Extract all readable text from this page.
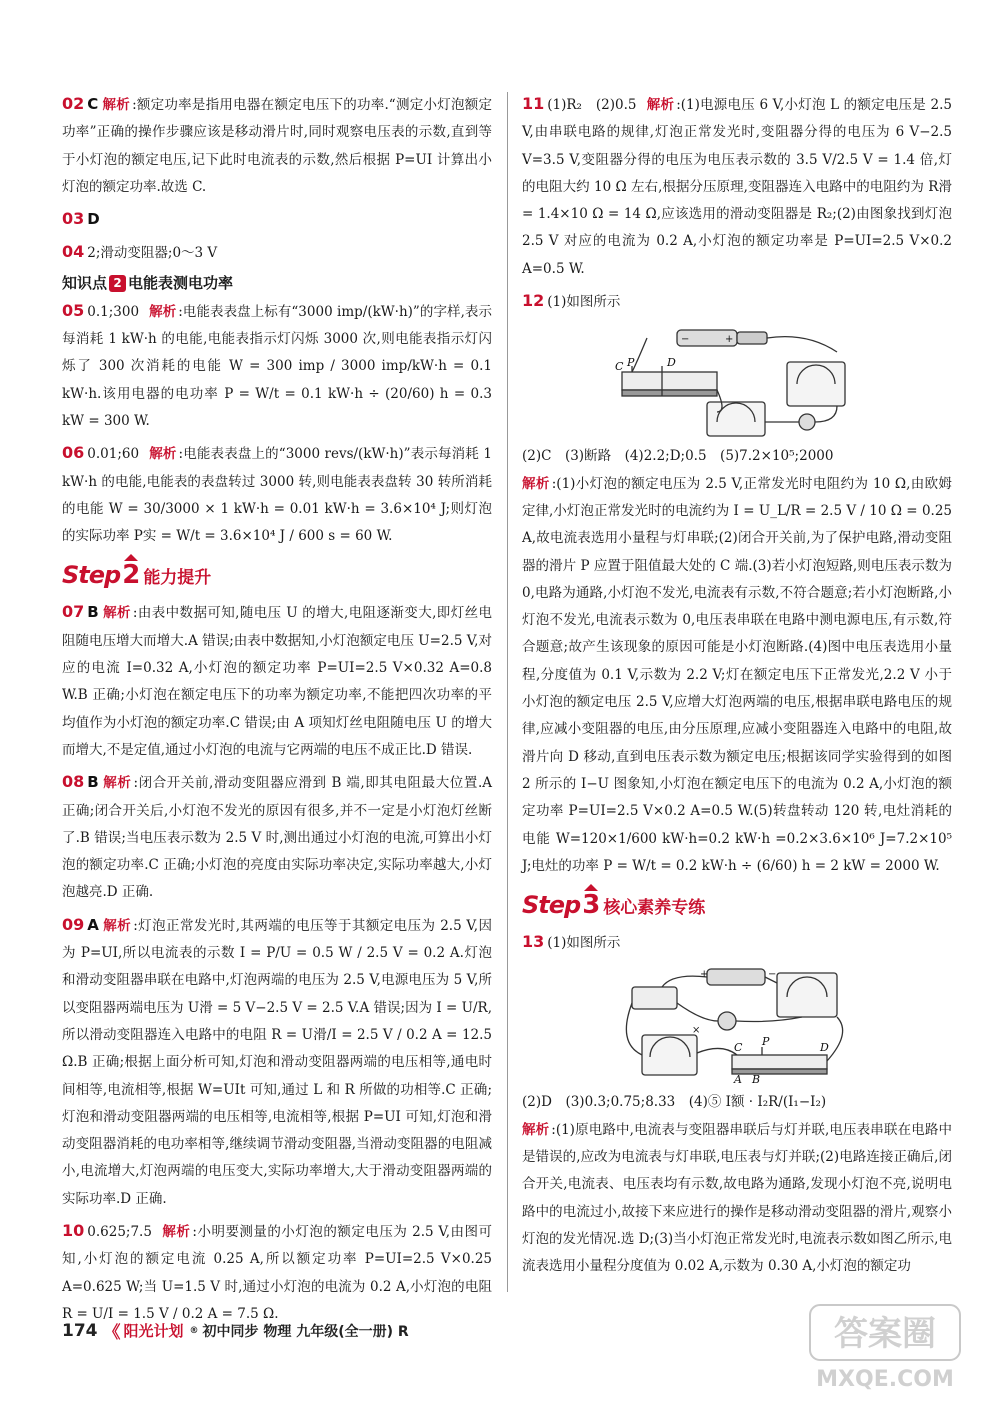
02 C 解析 :额定功率是指用电器在额定电压下的功率.“测定小灯泡额定功率”正确的操作步骤应该是移动滑片时,同时观察电压表的示数,直到等于小灯泡的额定电压,记下此时电流表的示数,然后根据 P=UI 计算出小灯泡的额定功率.故选 C.
03 D
04 2;滑动变阻器;0～3 V
知识点 2 电能表测电功率
05 0.1;300 解析 :电能表表盘上标有“3000 imp/(kW·h)”的字样,表示每消耗 1 kW·h 的电能,电能表指示灯闪烁 3000 次,则电能表指示灯闪烁了 300 次消耗的电能 W = 300 imp / 3000 imp/kW·h = 0.1 kW·h.该用电器的电功率 P = W/t = 0.1 kW·h ÷ (20/60) h = 0.3 kW = 300 W.
06 0.01;60 解析 :电能表表盘上的“3000 revs/(kW·h)”表示每消耗 1 kW·h 的电能,电能表的表盘转过 3000 转,则电能表表盘转 30 转所消耗的电能 W = 30/3000 × 1 kW·h = 0.01 kW·h = 3.6×10⁴ J;则灯泡的实际功率 P实 = W/t = 3.6×10⁴ J / 600 s = 60 W.
Step 2 能力提升
07 B 解析 :由表中数据可知,随电压 U 的增大,电阻逐渐变大,即灯丝电阻随电压增大而增大.A 错误;由表中数据知,小灯泡额定电压 U=2.5 V,对应的电流 I=0.32 A,小灯泡的额定功率 P=UI=2.5 V×0.32 A=0.8 W.B 正确;小灯泡在额定电压下的功率为额定功率,不能把四次功率的平均值作为小灯泡的额定功率.C 错误;由 A 项知灯丝电阻随电压 U 的增大而增大,不是定值,通过小灯泡的电流与它两端的电压不成正比.D 错误.
08 B 解析 :闭合开关前,滑动变阻器应滑到 B 端,即其电阻最大位置.A 正确;闭合开关后,小灯泡不发光的原因有很多,并不一定是小灯泡灯丝断了.B 错误;当电压表示数为 2.5 V 时,测出通过小灯泡的电流,可算出小灯泡的额定功率.C 正确;小灯泡的亮度由实际功率决定,实际功率越大,小灯泡越亮.D 正确.
09 A 解析 :灯泡正常发光时,其两端的电压等于其额定电压为 2.5 V,因为 P=UI,所以电流表的示数 I = P/U = 0.5 W / 2.5 V = 0.2 A.灯泡和滑动变阻器串联在电路中,灯泡两端的电压为 2.5 V,电源电压为 5 V,所以变阻器两端电压为 U滑 = 5 V−2.5 V = 2.5 V.A 错误;因为 I = U/R,所以滑动变阻器连入电路中的电阻 R = U滑/I = 2.5 V / 0.2 A = 12.5 Ω.B 正确;根据上面分析可知,灯泡和滑动变阻器两端的电压相等,通电时间相等,电流相等,根据 W=UIt 可知,通过 L 和 R 所做的功相等.C 正确;灯泡和滑动变阻器两端的电压相等,电流相等,根据 P=UI 可知,灯泡和滑动变阻器消耗的电功率相等,继续调节滑动变阻器,当滑动变阻器的电阻减小,电流增大,灯泡两端的电压变大,实际功率增大,大于滑动变阻器两端的实际功率.D 正确.
10 0.625;7.5 解析 :小明要测量的小灯泡的额定电压为 2.5 V,由图可知,小灯泡的额定电流 0.25 A,所以额定功率 P=UI=2.5 V×0.25 A=0.625 W;当 U=1.5 V 时,通过小灯泡的电流为 0.2 A,小灯泡的电阻 R = U/I = 1.5 V / 0.2 A = 7.5 Ω.
11 (1)R₂　(2)0.5 解析 :(1)电源电压 6 V,小灯泡 L 的额定电压是 2.5 V,由串联电路的规律,灯泡正常发光时,变阻器分得的电压为 6 V−2.5 V=3.5 V,变阻器分得的电压为电压表示数的 3.5 V/2.5 V = 1.4 倍,灯的电阻大约 10 Ω 左右,根据分压原理,变阻器连入电路中的电阻约为 R滑 = 1.4×10 Ω = 14 Ω,应该选用的滑动变阻器是 R₂;(2)由图象找到灯泡 2.5 V 对应的电流为 0.2 A,小灯泡的额定功率是 P=UI=2.5 V×0.2 A=0.5 W.
12 (1)如图所示
−	+
C P	D
(2)C　(3)断路　(4)2.2;D;0.5　(5)7.2×10⁵;2000
解析 :(1)小灯泡的额定电压为 2.5 V,正常发光时电阻约为 10 Ω,由欧姆定律,小灯泡正常发光时的电流约为 I = U_L/R = 2.5 V / 10 Ω = 0.25 A,故电流表选用小量程与灯串联;(2)闭合开关前,为了保护电路,滑动变阻器的滑片 P 应置于阻值最大处的 C 端.(3)若小灯泡短路,则电压表示数为 0,电路为通路,小灯泡不发光,电流表有示数,不符合题意;若小灯泡断路,小灯泡不发光,电流表示数为 0,电压表串联在电路中测电源电压,有示数,符合题意;故产生该现象的原因可能是小灯泡断路.(4)图中电压表选用小量程,分度值为 0.1 V,示数为 2.2 V;灯在额定电压下正常发光,2.2 V 小于小灯泡的额定电压 2.5 V,应增大灯泡两端的电压,根据串联电路电压的规律,应减小变阻器的电压,由分压原理,应减小变阻器连入电路中的电阻,故滑片向 D 移动,直到电压表示数为额定电压;根据该同学实验得到的如图 2 所示的 I−U 图象知,小灯泡在额定电压下的电流为 0.2 A,小灯泡的额定功率 P=UI=2.5 V×0.2 A=0.5 W.(5)转盘转动 120 转,电灶消耗的电能 W=120×1/600 kW·h=0.2 kW·h =0.2×3.6×10⁶ J=7.2×10⁵ J;电灶的功率 P = W/t = 0.2 kW·h ÷ (6/60) h = 2 kW = 2000 W.
Step 3 核心素养专练
13 (1)如图所示
+	−
×
C P	D
A B
(2)D　(3)0.3;0.75;8.33　(4)⑤ I额 · I₂R/(I₁−I₂)
解析 :(1)原电路中,电流表与变阻器串联后与灯并联,电压表串联在电路中是错误的,应改为电流表与灯串联,电压表与灯并联;(2)电路连接正确后,闭合开关,电流表、电压表均有示数,故电路为通路,发现小灯泡不亮,说明电路中的电流过小,故接下来应进行的操作是移动滑动变阻器的滑片,观察小灯泡的发光情况.选 D;(3)当小灯泡正常发光时,电流表示数如图乙所示,电流表选用小量程分度值为 0.02 A,示数为 0.30 A,小灯泡的额定功
174 《 阳光计划 ® 初中同步 物理 九年级(全一册) R	答案圈
MXQE.COM
